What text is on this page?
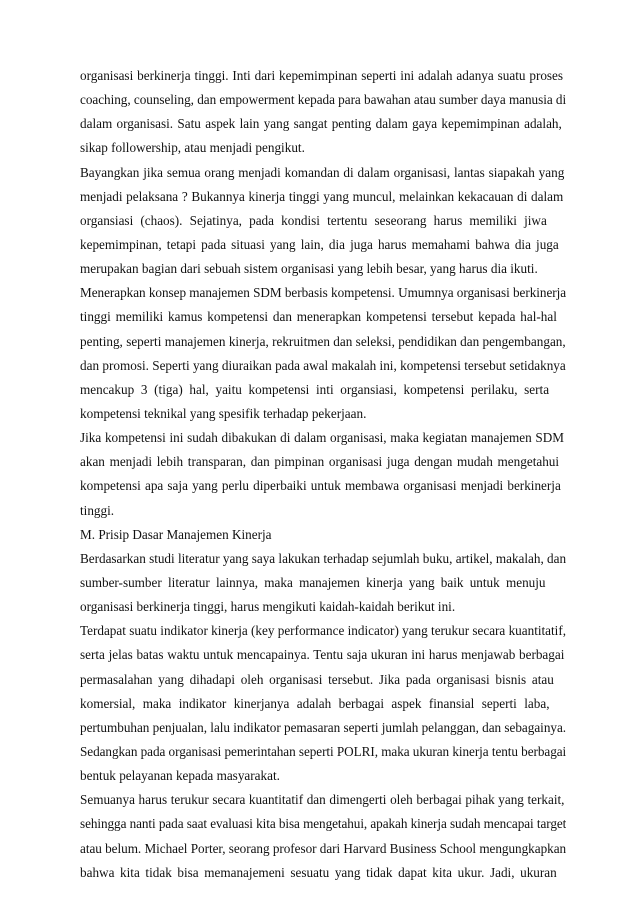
organisasi berkinerja tinggi. Inti dari kepemimpinan seperti ini adalah adanya suatu proses
coaching, counseling, dan empowerment kepada para bawahan atau sumber daya manusia di
dalam organisasi. Satu aspek lain yang sangat penting dalam gaya kepemimpinan adalah,
sikap followership, atau menjadi pengikut.
Bayangkan jika semua orang menjadi komandan di dalam organisasi, lantas siapakah yang
menjadi pelaksana ? Bukannya kinerja tinggi yang muncul, melainkan kekacauan di dalam
organsiasi (chaos). Sejatinya, pada kondisi tertentu seseorang harus memiliki jiwa
kepemimpinan, tetapi pada situasi yang lain, dia juga harus memahami bahwa dia juga
merupakan bagian dari sebuah sistem organisasi yang lebih besar, yang harus dia ikuti.
Menerapkan konsep manajemen SDM berbasis kompetensi. Umumnya organisasi berkinerja
tinggi memiliki kamus kompetensi dan menerapkan kompetensi tersebut kepada hal-hal
penting, seperti manajemen kinerja, rekruitmen dan seleksi, pendidikan dan pengembangan,
dan promosi. Seperti yang diuraikan pada awal makalah ini, kompetensi tersebut setidaknya
mencakup 3 (tiga) hal, yaitu kompetensi inti organsiasi, kompetensi perilaku, serta
kompetensi teknikal yang spesifik terhadap pekerjaan.
Jika kompetensi ini sudah dibakukan di dalam organisasi, maka kegiatan manajemen SDM
akan menjadi lebih transparan, dan pimpinan organisasi juga dengan mudah mengetahui
kompetensi apa saja yang perlu diperbaiki untuk membawa organisasi menjadi berkinerja
tinggi.
M. Prisip Dasar Manajemen Kinerja
Berdasarkan studi literatur yang saya lakukan terhadap sejumlah buku, artikel, makalah, dan
sumber-sumber literatur lainnya, maka manajemen kinerja yang baik untuk menuju
organisasi berkinerja tinggi, harus mengikuti kaidah-kaidah berikut ini.
Terdapat suatu indikator kinerja (key performance indicator) yang terukur secara kuantitatif,
serta jelas batas waktu untuk mencapainya. Tentu saja ukuran ini harus menjawab berbagai
permasalahan yang dihadapi oleh organisasi tersebut. Jika pada organisasi bisnis atau
komersial, maka indikator kinerjanya adalah berbagai aspek finansial seperti laba,
pertumbuhan penjualan, lalu indikator pemasaran seperti jumlah pelanggan, dan sebagainya.
Sedangkan pada organisasi pemerintahan seperti POLRI, maka ukuran kinerja tentu berbagai
bentuk pelayanan kepada masyarakat.
Semuanya harus terukur secara kuantitatif dan dimengerti oleh berbagai pihak yang terkait,
sehingga nanti pada saat evaluasi kita bisa mengetahui, apakah kinerja sudah mencapai target
atau belum. Michael Porter, seorang profesor dari Harvard Business School mengungkapkan
bahwa kita tidak bisa memanajemeni sesuatu yang tidak dapat kita ukur. Jadi, ukuran
